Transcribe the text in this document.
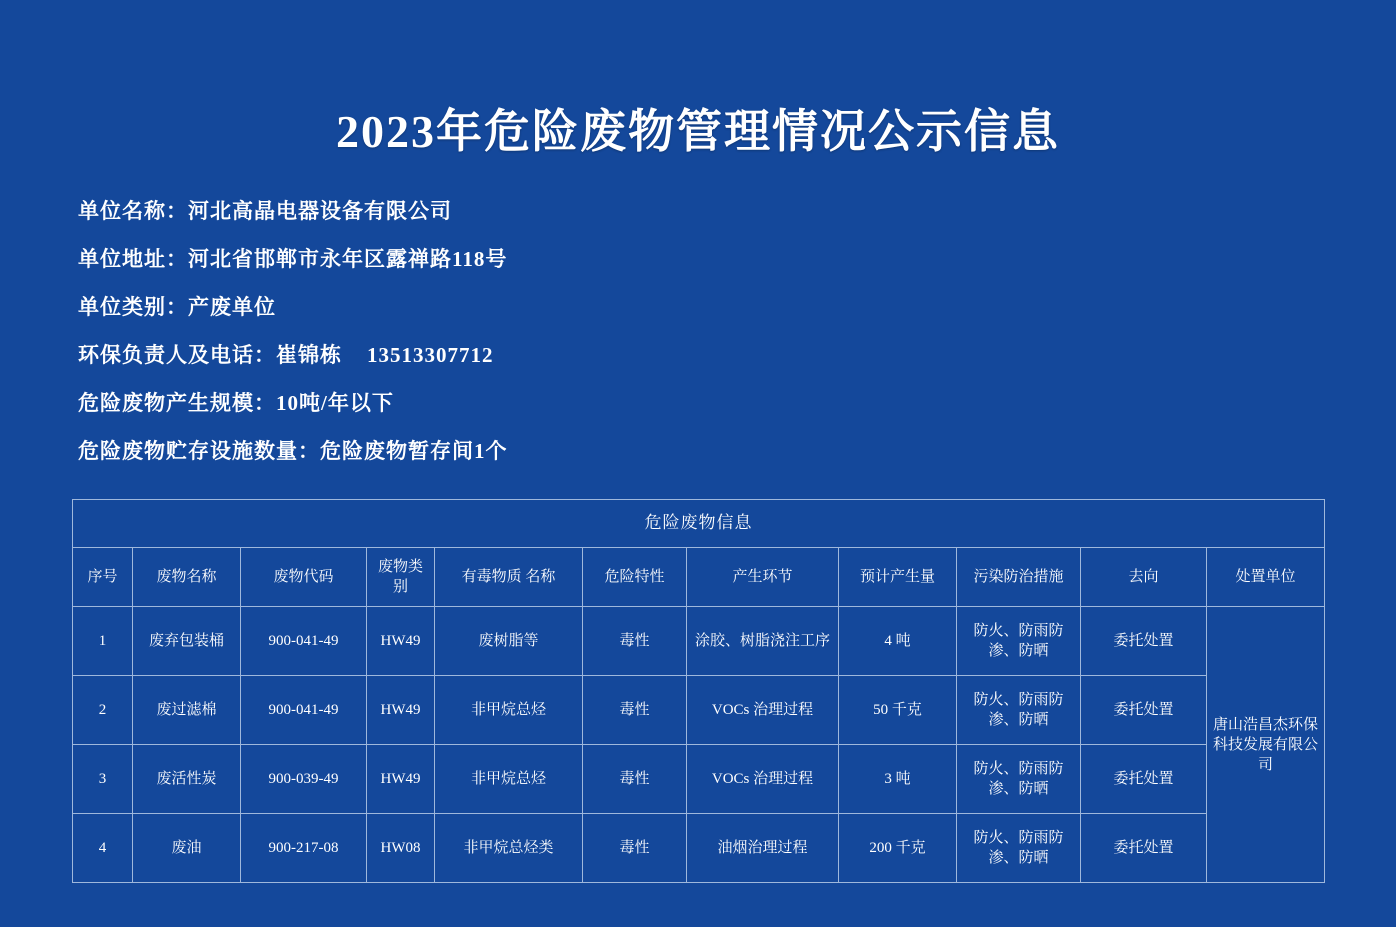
2023年危险废物管理情况公示信息
单位名称：河北高晶电器设备有限公司
单位地址：河北省邯郸市永年区露禅路118号
单位类别：产废单位
环保负责人及电话：崔锦栋    13513307712
危险废物产生规模：10吨/年以下
危险废物贮存设施数量：危险废物暂存间1个
危险废物信息										
序号	废物名称	废物代码	废物类别	有毒物质 名称	危险特性	产生环节	预计产生量	污染防治措施	去向	处置单位
1	废弃包装桶	900-041-49	HW49	废树脂等	毒性	涂胶、树脂浇注工序	4 吨	防火、防雨防渗、防晒	委托处置	唐山浩昌杰环保科技发展有限公司
2	废过滤棉	900-041-49	HW49	非甲烷总烃	毒性	VOCs 治理过程	50 千克	防火、防雨防渗、防晒	委托处置	
3	废活性炭	900-039-49	HW49	非甲烷总烃	毒性	VOCs 治理过程	3 吨	防火、防雨防渗、防晒	委托处置	
4	废油	900-217-08	HW08	非甲烷总烃类	毒性	油烟治理过程	200 千克	防火、防雨防渗、防晒	委托处置	
